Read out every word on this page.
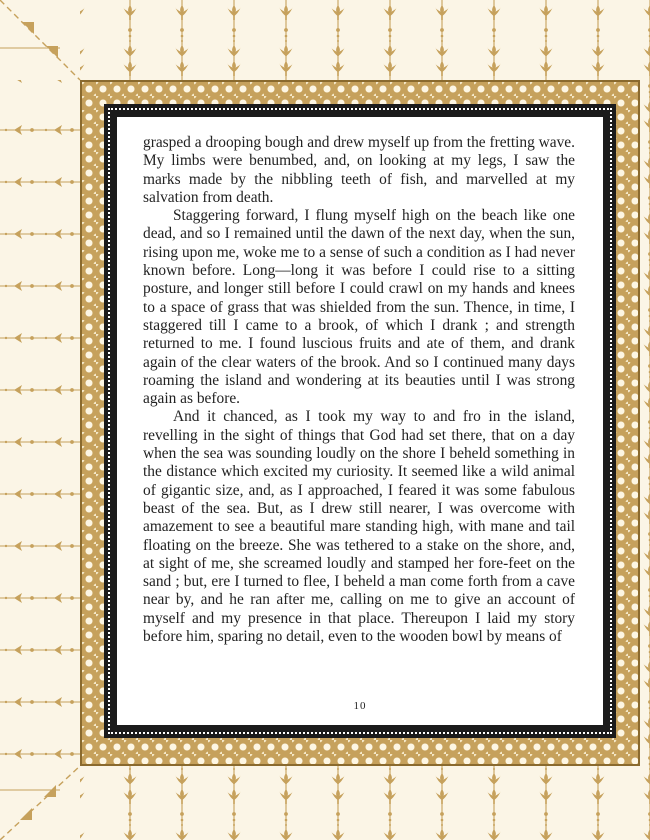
grasped a drooping bough and drew myself up from the fretting wave. My limbs were benumbed, and, on looking at my legs, I saw the marks made by the nibbling teeth of fish, and marvelled at my salvation from death.

Staggering forward, I flung myself high on the beach like one dead, and so I remained until the dawn of the next day, when the sun, rising upon me, woke me to a sense of such a condition as I had never known before. Long—long it was before I could rise to a sitting posture, and longer still before I could crawl on my hands and knees to a space of grass that was shielded from the sun. Thence, in time, I staggered till I came to a brook, of which I drank ; and strength returned to me. I found luscious fruits and ate of them, and drank again of the clear waters of the brook. And so I continued many days roaming the island and wondering at its beauties until I was strong again as before.

And it chanced, as I took my way to and fro in the island, revelling in the sight of things that God had set there, that on a day when the sea was sounding loudly on the shore I beheld something in the distance which excited my curiosity. It seemed like a wild animal of gigantic size, and, as I approached, I feared it was some fabulous beast of the sea. But, as I drew still nearer, I was overcome with amazement to see a beautiful mare standing high, with mane and tail floating on the breeze. She was tethered to a stake on the shore, and, at sight of me, she screamed loudly and stamped her fore-feet on the sand ; but, ere I turned to flee, I beheld a man come forth from a cave near by, and he ran after me, calling on me to give an account of myself and my presence in that place. Thereupon I laid my story before him, sparing no detail, even to the wooden bowl by means of

10
